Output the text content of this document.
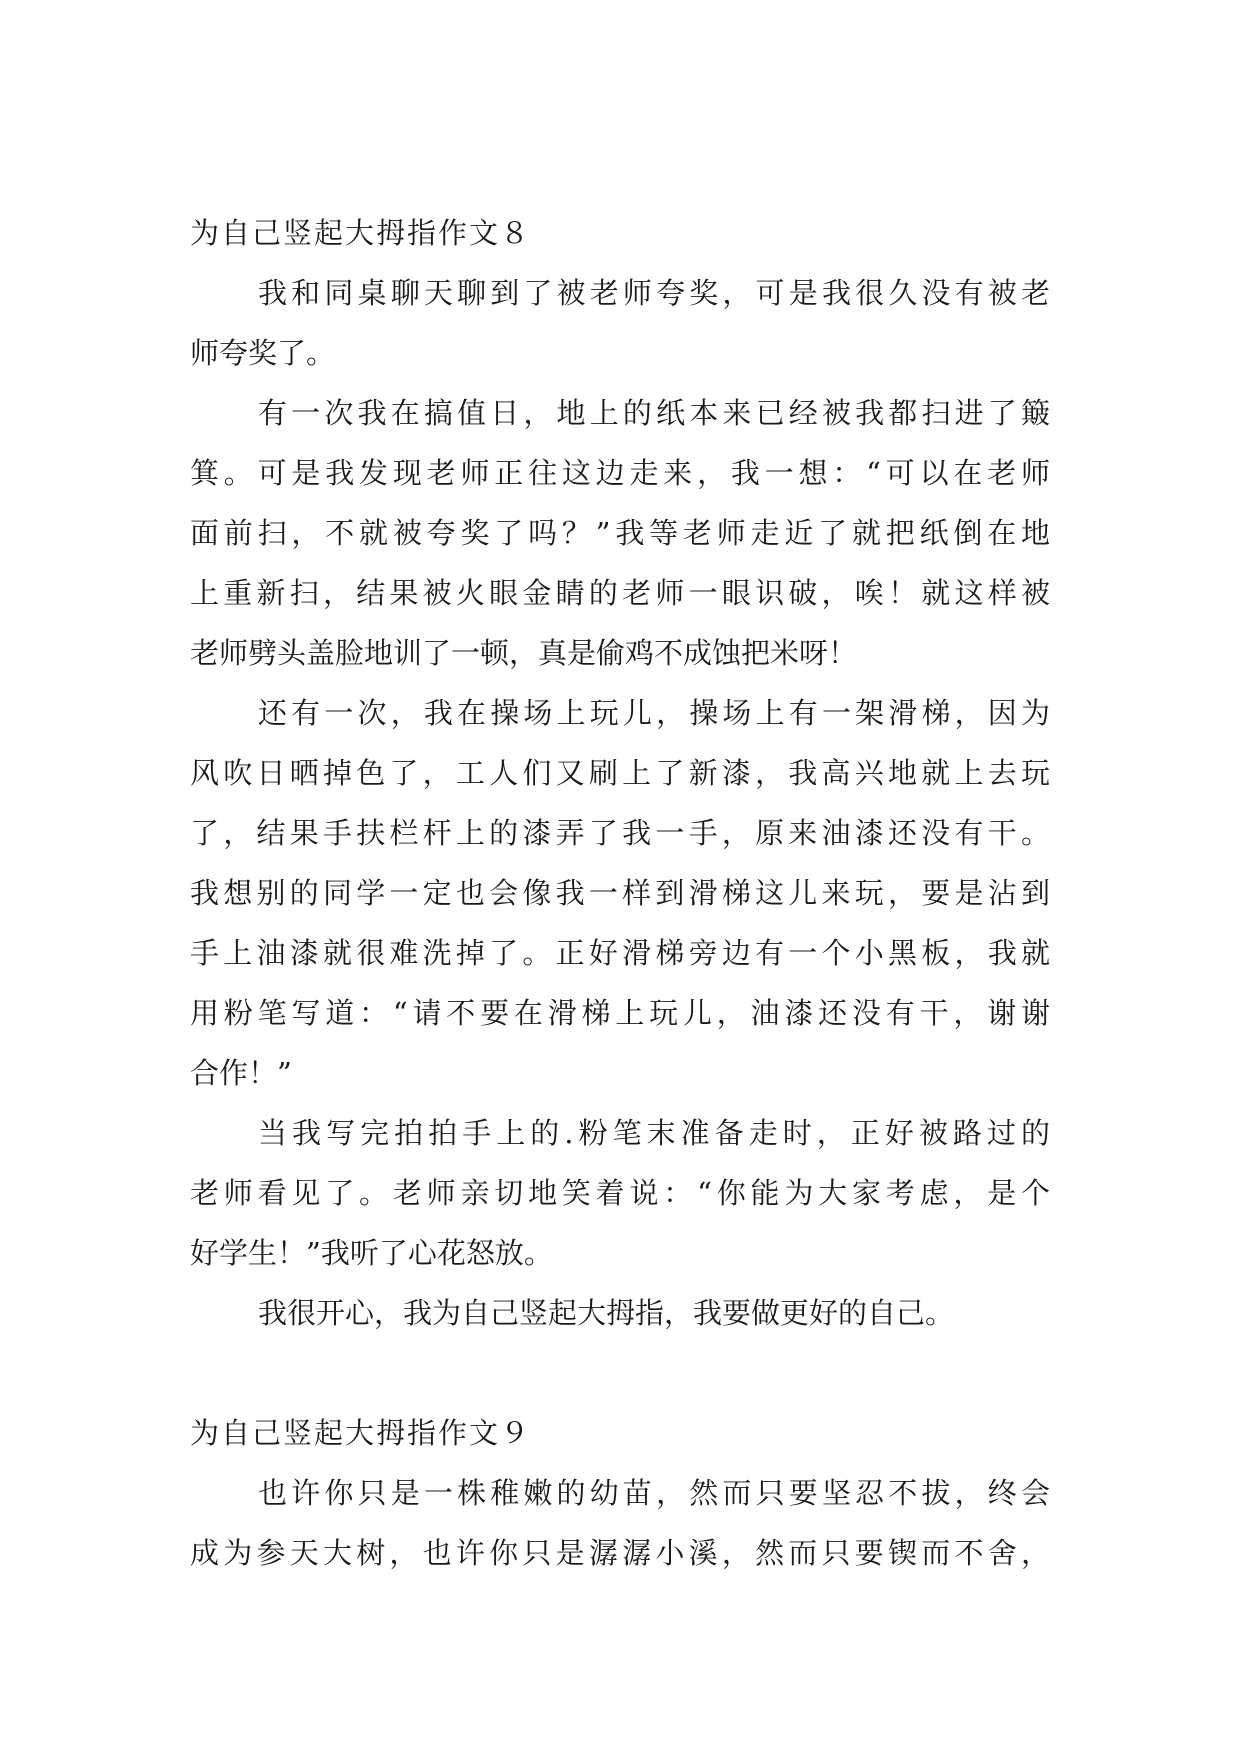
为自己竖起大拇指作文８
我和同桌聊天聊到了被老师夸奖，可是我很久没有被老
师夸奖了。
有一次我在搞值日，地上的纸本来已经被我都扫进了簸
箕。可是我发现老师正往这边走来，我一想：“可以在老师
面前扫，不就被夸奖了吗？”我等老师走近了就把纸倒在地
上重新扫，结果被火眼金睛的老师一眼识破，唉！就这样被
老师劈头盖脸地训了一顿，真是偷鸡不成蚀把米呀！
还有一次，我在操场上玩儿，操场上有一架滑梯，因为
风吹日晒掉色了，工人们又刷上了新漆，我高兴地就上去玩
了，结果手扶栏杆上的漆弄了我一手，原来油漆还没有干。
我想别的同学一定也会像我一样到滑梯这儿来玩，要是沾到
手上油漆就很难洗掉了。正好滑梯旁边有一个小黑板，我就
用粉笔写道：“请不要在滑梯上玩儿，油漆还没有干，谢谢
合作！”
当我写完拍拍手上的.粉笔末准备走时，正好被路过的
老师看见了。老师亲切地笑着说：“你能为大家考虑，是个
好学生！”我听了心花怒放。
我很开心，我为自己竖起大拇指，我要做更好的自己。
为自己竖起大拇指作文９
也许你只是一株稚嫩的幼苗，然而只要坚忍不拔，终会
成为参天大树，也许你只是潺潺小溪，然而只要锲而不舍，
